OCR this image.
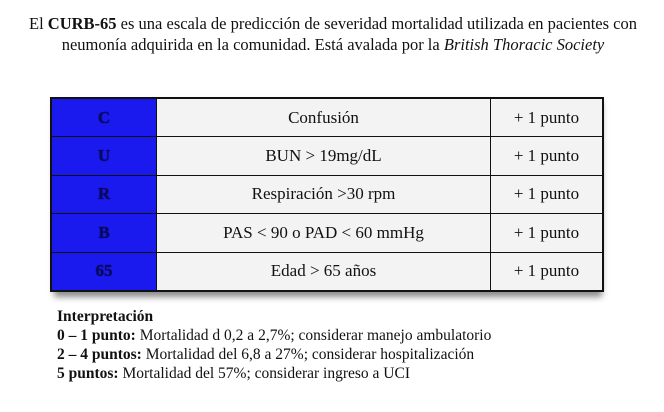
El CURB-65 es una escala de predicción de severidad mortalidad utilizada en pacientes con neumonía adquirida en la comunidad. Está avalada por la British Thoracic Society
C	Confusión	+ 1 punto
U	BUN > 19mg/dL	+ 1 punto
R	Respiración >30 rpm	+ 1 punto
B	PAS < 90 o PAD < 60 mmHg	+ 1 punto
65	Edad > 65 años	+ 1 punto
Interpretación
0 – 1 punto: Mortalidad d 0,2 a 2,7%; considerar manejo ambulatorio
2 – 4 puntos: Mortalidad del 6,8 a 27%; considerar hospitalización
5 puntos: Mortalidad del 57%; considerar ingreso a UCI
